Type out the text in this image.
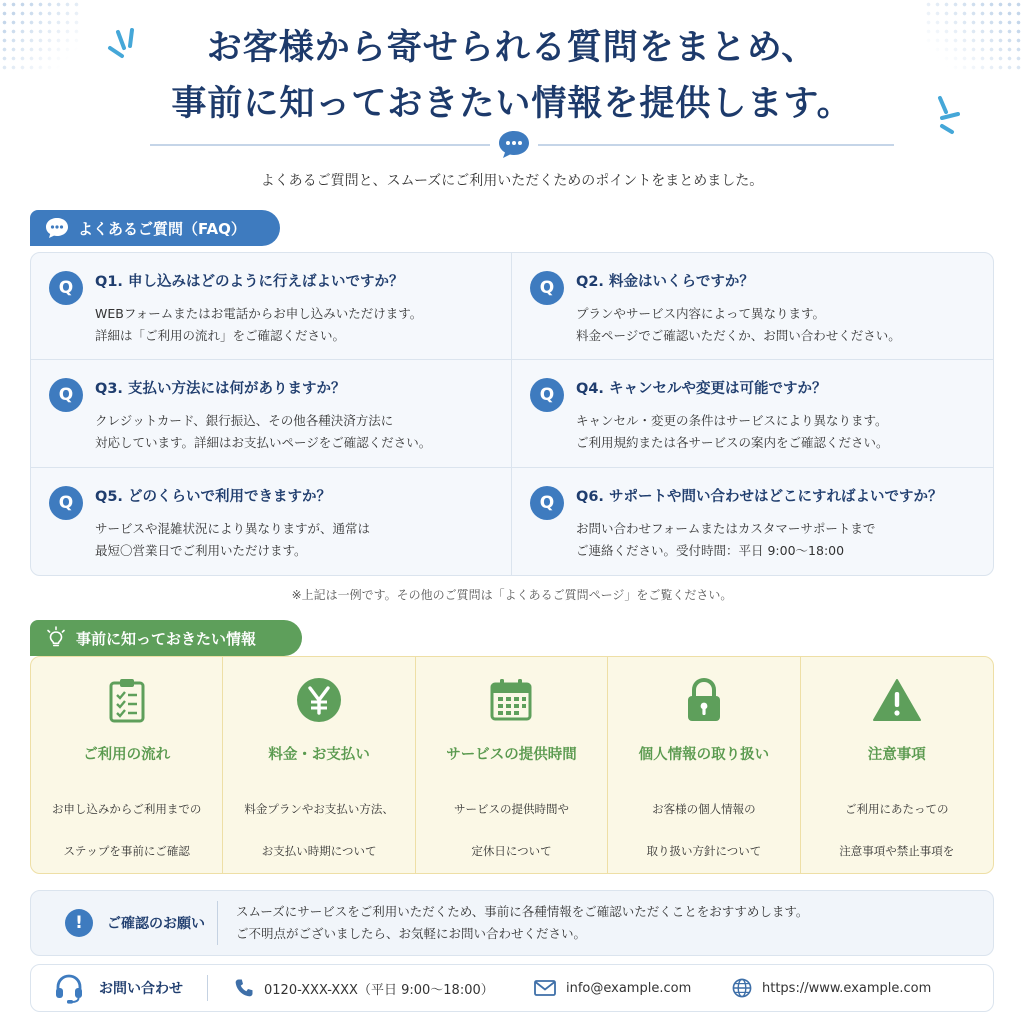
お客様から寄せられる質問をまとめ、
事前に知っておきたい情報を提供します。
よくあるご質問と、スムーズにご利用いただくためのポイントをまとめました。
よくあるご質問（FAQ）
Q	Q1. 申し込みはどのように行えばよいですか？
WEBフォームまたはお電話からお申し込みいただけます。
詳細は「ご利用の流れ」をご確認ください。
Q	Q2. 料金はいくらですか？
プランやサービス内容によって異なります。
料金ページでご確認いただくか、お問い合わせください。
Q	Q3. 支払い方法には何がありますか？
クレジットカード、銀行振込、その他各種決済方法に
対応しています。詳細はお支払いページをご確認ください。
Q	Q4. キャンセルや変更は可能ですか？
キャンセル・変更の条件はサービスにより異なります。
ご利用規約または各サービスの案内をご確認ください。
Q	Q5. どのくらいで利用できますか？
サービスや混雑状況により異なりますが、通常は
最短〇営業日でご利用いただけます。
Q	Q6. サポートや問い合わせはどこにすればよいですか？
お問い合わせフォームまたはカスタマーサポートまで
ご連絡ください。受付時間：平日 9:00～18:00
※上記は一例です。その他のご質問は「よくあるご質問ページ」をご覧ください。
事前に知っておきたい情報
ご利用の流れ

お申し込みからご利用までの

ステップを事前にご確認

料金・お支払い

料金プランやお支払い方法、

お支払い時期について

サービスの提供時間

サービスの提供時間や

定休日について

個人情報の取り扱い

お客様の個人情報の

取り扱い方針について

注意事項

ご利用にあたっての

注意事項や禁止事項を

!	ご確認のお願い
スムーズにサービスをご利用いただくため、事前に各種情報をご確認いただくことをおすすめします。
ご不明点がございましたら、お気軽にお問い合わせください。
お問い合わせ	0120-XXX-XXX（平日 9:00～18:00）	info@example.com	https://www.example.com
